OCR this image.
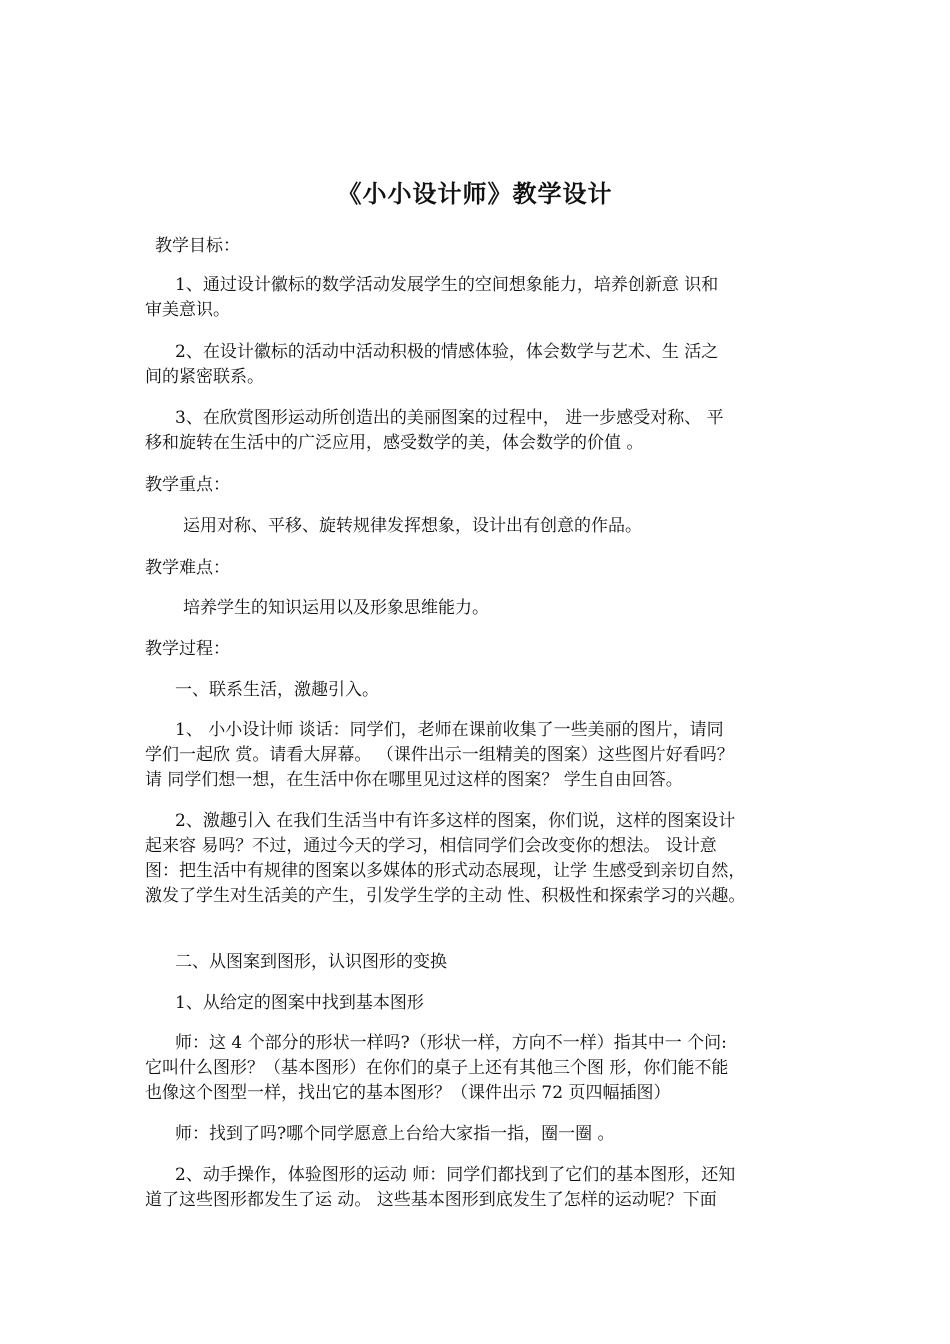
《小小设计师》教学设计
教学目标：
1、通过设计徽标的数学活动发展学生的空间想象能力，培养创新意 识和
审美意识。
2、在设计徽标的活动中活动积极的情感体验，体会数学与艺术、生 活之
间的紧密联系。
3、在欣赏图形运动所创造出的美丽图案的过程中， 进一步感受对称、 平
移和旋转在生活中的广泛应用，感受数学的美，体会数学的价值 。
教学重点：
运用对称、平移、旋转规律发挥想象，设计出有创意的作品。
教学难点：
培养学生的知识运用以及形象思维能力。
教学过程：
一、联系生活，激趣引入。
1、 小小设计师 谈话：同学们，老师在课前收集了一些美丽的图片，请同
学们一起欣 赏。请看大屏幕。 （课件出示一组精美的图案）这些图片好看吗？
请 同学们想一想，在生活中你在哪里见过这样的图案？ 学生自由回答。
2、激趣引入 在我们生活当中有许多这样的图案，你们说，这样的图案设计
起来容 易吗？不过，通过今天的学习，相信同学们会改变你的想法。 设计意
图：把生活中有规律的图案以多媒体的形式动态展现，让学 生感受到亲切自然，
激发了学生对生活美的产生，引发学生学的主动 性、积极性和探索学习的兴趣。
二、从图案到图形，认识图形的变换
1、从给定的图案中找到基本图形
师：这 4 个部分的形状一样吗?（形状一样，方向不一样）指其中一 个问:
它叫什么图形？（基本图形）在你们的桌子上还有其他三个图 形，你们能不能
也像这个图型一样，找出它的基本图形？（课件出示 72 页四幅插图）
师：找到了吗?哪个同学愿意上台给大家指一指，圈一圈 。
2、动手操作，体验图形的运动 师：同学们都找到了它们的基本图形，还知
道了这些图形都发生了运 动。 这些基本图形到底发生了怎样的运动呢？下面
